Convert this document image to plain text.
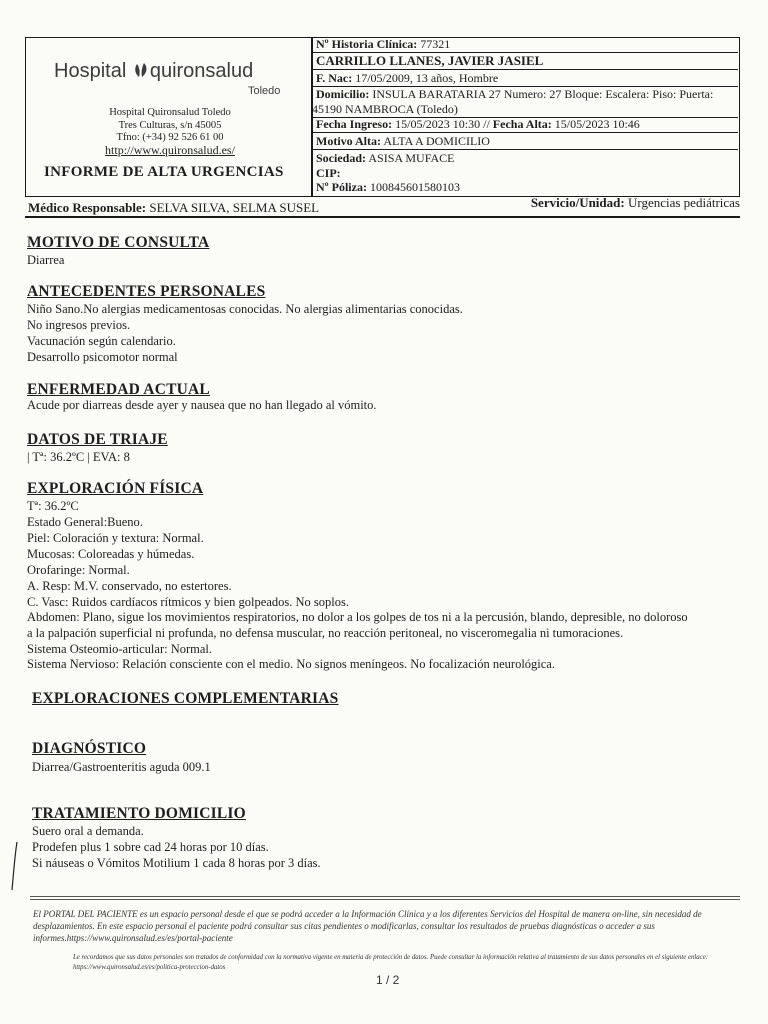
Hospital quironsalud
Toledo
Hospital Quironsalud Toledo
Tres Culturas, s/n 45005
Tfno: (+34) 92 526 61 00
http://www.quironsalud.es/
INFORME DE ALTA URGENCIAS
Nº Historia Clínica: 77321
CARRILLO LLANES, JAVIER JASIEL
F. Nac: 17/05/2009, 13 años, Hombre
Domicilio: INSULA BARATARIA 27 Numero: 27 Bloque: Escalera: Piso: Puerta:
45190 NAMBROCA (Toledo)
Fecha Ingreso: 15/05/2023 10:30 // Fecha Alta: 15/05/2023 10:46
Motivo Alta: ALTA A DOMICILIO
Sociedad: ASISA MUFACE
CIP:
Nº Póliza: 100845601580103
Médico Responsable: SELVA SILVA, SELMA SUSEL	Servicio/Unidad: Urgencias pediátricas
MOTIVO DE CONSULTA
Diarrea
ANTECEDENTES PERSONALES
Niño Sano.No alergias medicamentosas conocidas. No alergias alimentarias conocidas.
No ingresos previos.
Vacunación según calendario.
Desarrollo psicomotor normal
ENFERMEDAD ACTUAL
Acude por diarreas desde ayer y nausea que no han llegado al vómito.
DATOS DE TRIAJE
| Tª: 36.2ºC | EVA: 8
EXPLORACIÓN FÍSICA
Tª: 36.2ºC
Estado General:Bueno.
Piel: Coloración y textura: Normal.
Mucosas: Coloreadas y húmedas.
Orofaringe: Normal.
A. Resp: M.V. conservado, no estertores.
C. Vasc: Ruidos cardíacos rítmicos y bien golpeados. No soplos.
Abdomen: Plano, sigue los movimientos respiratorios, no dolor a los golpes de tos ni a la percusión, blando, depresible, no doloroso
a la palpación superficial ni profunda, no defensa muscular, no reacción peritoneal, no visceromegalia ni tumoraciones.
Sistema Osteomio-articular: Normal.
Sistema Nervioso: Relación consciente con el medio. No signos meníngeos. No focalización neurológica.
EXPLORACIONES COMPLEMENTARIAS
DIAGNÓSTICO
Diarrea/Gastroenteritis aguda 009.1
TRATAMIENTO DOMICILIO
Suero oral a demanda.
Prodefen plus 1 sobre cad 24 horas por 10 días.
Si náuseas o Vómitos Motilium 1 cada 8 horas por 3 días.
El PORTAL DEL PACIENTE es un espacio personal desde el que se podrá acceder a la Información Clínica y a los diferentes Servicios del Hospital de manera on-line, sin necesidad de desplazamientos. En este espacio personal el paciente podrá consultar sus citas pendientes o modificarlas, consultar los resultados de pruebas diagnósticas o acceder a sus informes.https://www.quironsalud.es/es/portal-paciente
Le recordamos que sus datos personales son tratados de conformidad con la normativa vigente en materia de protección de datos. Puede consultar la información relativa al tratamiento de sus datos personales en el siguiente enlace: https://www.quironsalud.es/es/politica-proteccion-datos
1 / 2
